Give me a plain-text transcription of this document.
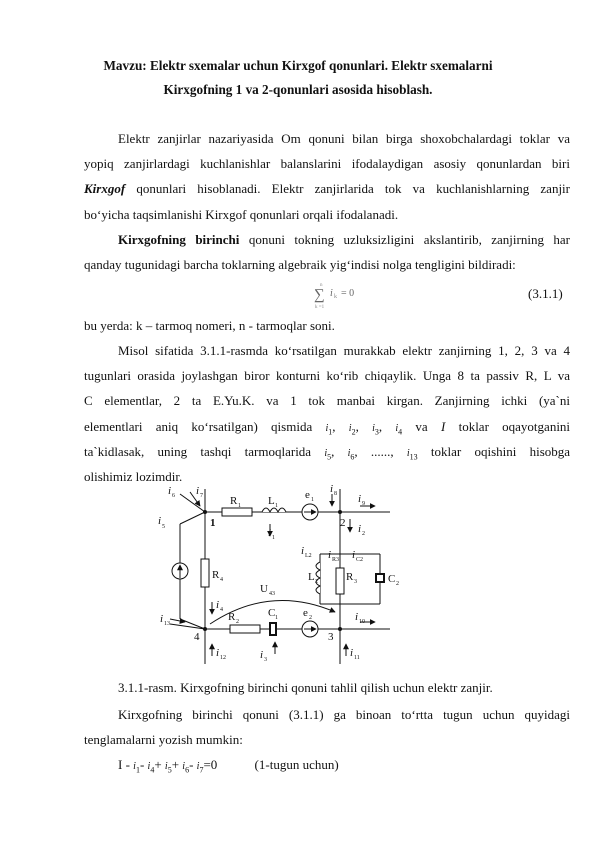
Mavzu: Elektr sxemalar uchun Kirxgof qonunlari. Elektr sxemalarni
Kirxgofning 1 va 2-qonunlari asosida hisoblash.
Elektr zanjirlar nazariyasida Om qonuni bilan birga shoxobchalardagi toklar va
yopiq zanjirlardagi kuchlanishlar balanslarini ifodalaydigan asosiy qonunlardan biri
Kirxgof qonunlari hisoblanadi. Elektr zanjirlarida tok va kuchlanishlarning zanjir
bo‘yicha taqsimlanishi Kirxgof qonunlari orqali ifodalanadi.
Kirxgofning birinchi qonuni tokning uzluksizligini akslantirib, zanjirning har
qanday tugunidagi barcha toklarning algebraik yig‘indisi nolga tengligini bildiradi:
n
∑
k =1
i k = 0	(3.1.1)
bu yerda: k – tarmoq nomeri, n - tarmoqlar soni.
Misol sifatida 3.1.1-rasmda ko‘rsatilgan murakkab elektr zanjirning 1, 2, 3 va 4
tugunlari orasida joylashgan biror konturni ko‘rib chiqaylik. Unga 8 ta passiv R, L va
C elementlar, 2 ta E.Yu.K. va 1 tok manbai kirgan. Zanjirning ichki (ya`ni
elementlari aniq ko‘rsatilgan) qismida $i_1$, $i_2$, $i_3$, $i_4$ va I toklar oqayotganini
ta`kidlasak, uning tashqi tarmoqlarida $i_5$, $i_6$, ......, $i_{13}$ toklar oqishini hisobga
olishimiz lozimdir.
i 6 i 7 R 1 L 1
e 1
i 8 i 9
i 5	1
i 1
2 i 2
i L2 i R3 i C2
R 4
U 43
L 2	R 3	C 2
i 4	C 1 e 2
i 13
R 2	i 10
4	3
i 12	i 3
i 11
3.1.1-rasm. Kirxgofning birinchi qonuni tahlil qilish uchun elektr zanjir.
Kirxgofning birinchi qonuni (3.1.1) ga binoan to‘rtta tugun uchun quyidagi
tenglamalarni yozish mumkin:
I - $i_1-$ $i_4+ i_5+ i_6-$ $i_7=0$	(1-tugun uchun)
